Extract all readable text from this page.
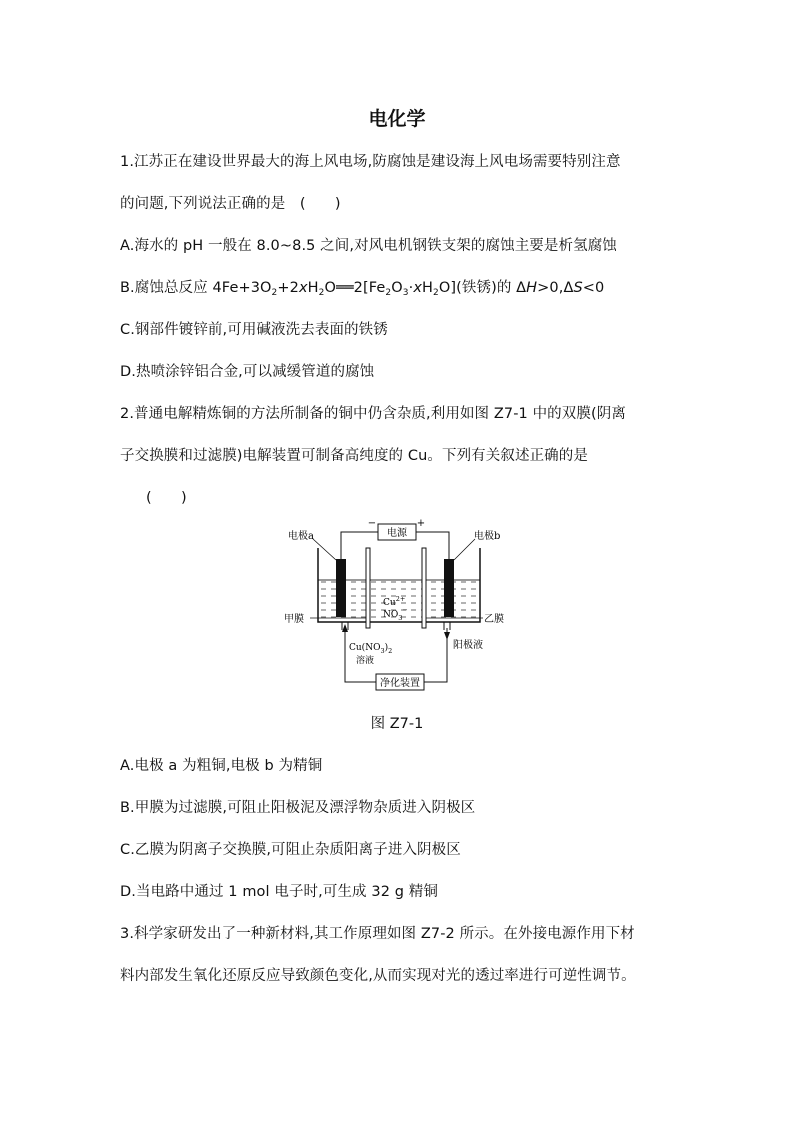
电化学
1.江苏正在建设世界最大的海上风电场,防腐蚀是建设海上风电场需要特别注意
的问题,下列说法正确的是　(　　)
A.海水的 pH 一般在 8.0~8.5 之间,对风电机钢铁支架的腐蚀主要是析氢腐蚀
B.腐蚀总反应 $4Fe+3O_2+2xH_2O══2[Fe_2O_3\cdot xH_2O]$(铁锈)的 ΔH>0,ΔS<0
C.钢部件镀锌前,可用碱液洗去表面的铁锈
D.热喷涂锌铝合金,可以减缓管道的腐蚀
2.普通电解精炼铜的方法所制备的铜中仍含杂质,利用如图 Z7-1 中的双膜(阴离
子交换膜和过滤膜)电解装置可制备高纯度的 Cu。下列有关叙述正确的是
(　　)
电源
−	+
电极a	电极b
$Cu^{2+}$
$NO_3^-$
甲膜	乙膜
净化装置
$Cu(NO_3)_2$
溶液
阳极液
图 Z7-1
A.电极 a 为粗铜,电极 b 为精铜
B.甲膜为过滤膜,可阻止阳极泥及漂浮物杂质进入阴极区
C.乙膜为阴离子交换膜,可阻止杂质阳离子进入阴极区
D.当电路中通过 1 mol 电子时,可生成 32 g 精铜
3.科学家研发出了一种新材料,其工作原理如图 Z7-2 所示。在外接电源作用下材
料内部发生氧化还原反应导致颜色变化,从而实现对光的透过率进行可逆性调节。
